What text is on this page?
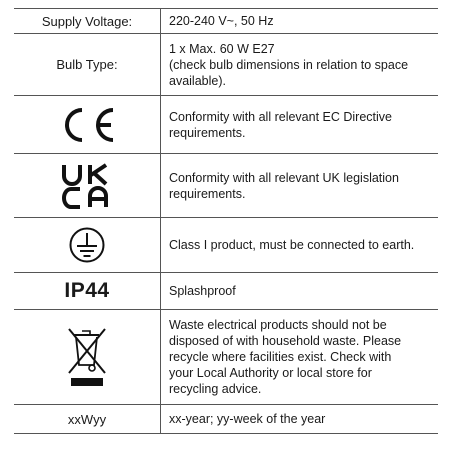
Supply Voltage:	220-240 V~, 50 Hz

Bulb Type:	1 x Max. 60 W E27
(check bulb dimensions in relation to space
available).

Conformity with all relevant EC Directive
requirements.

Conformity with all relevant UK legislation
requirements.

Class I product, must be connected to earth.

IP44	Splashproof

Waste electrical products should not be
disposed of with household waste. Please
recycle where facilities exist. Check with
your Local Authority or local store for
recycling advice.

xxWyy	xx-year; yy-week of the year
